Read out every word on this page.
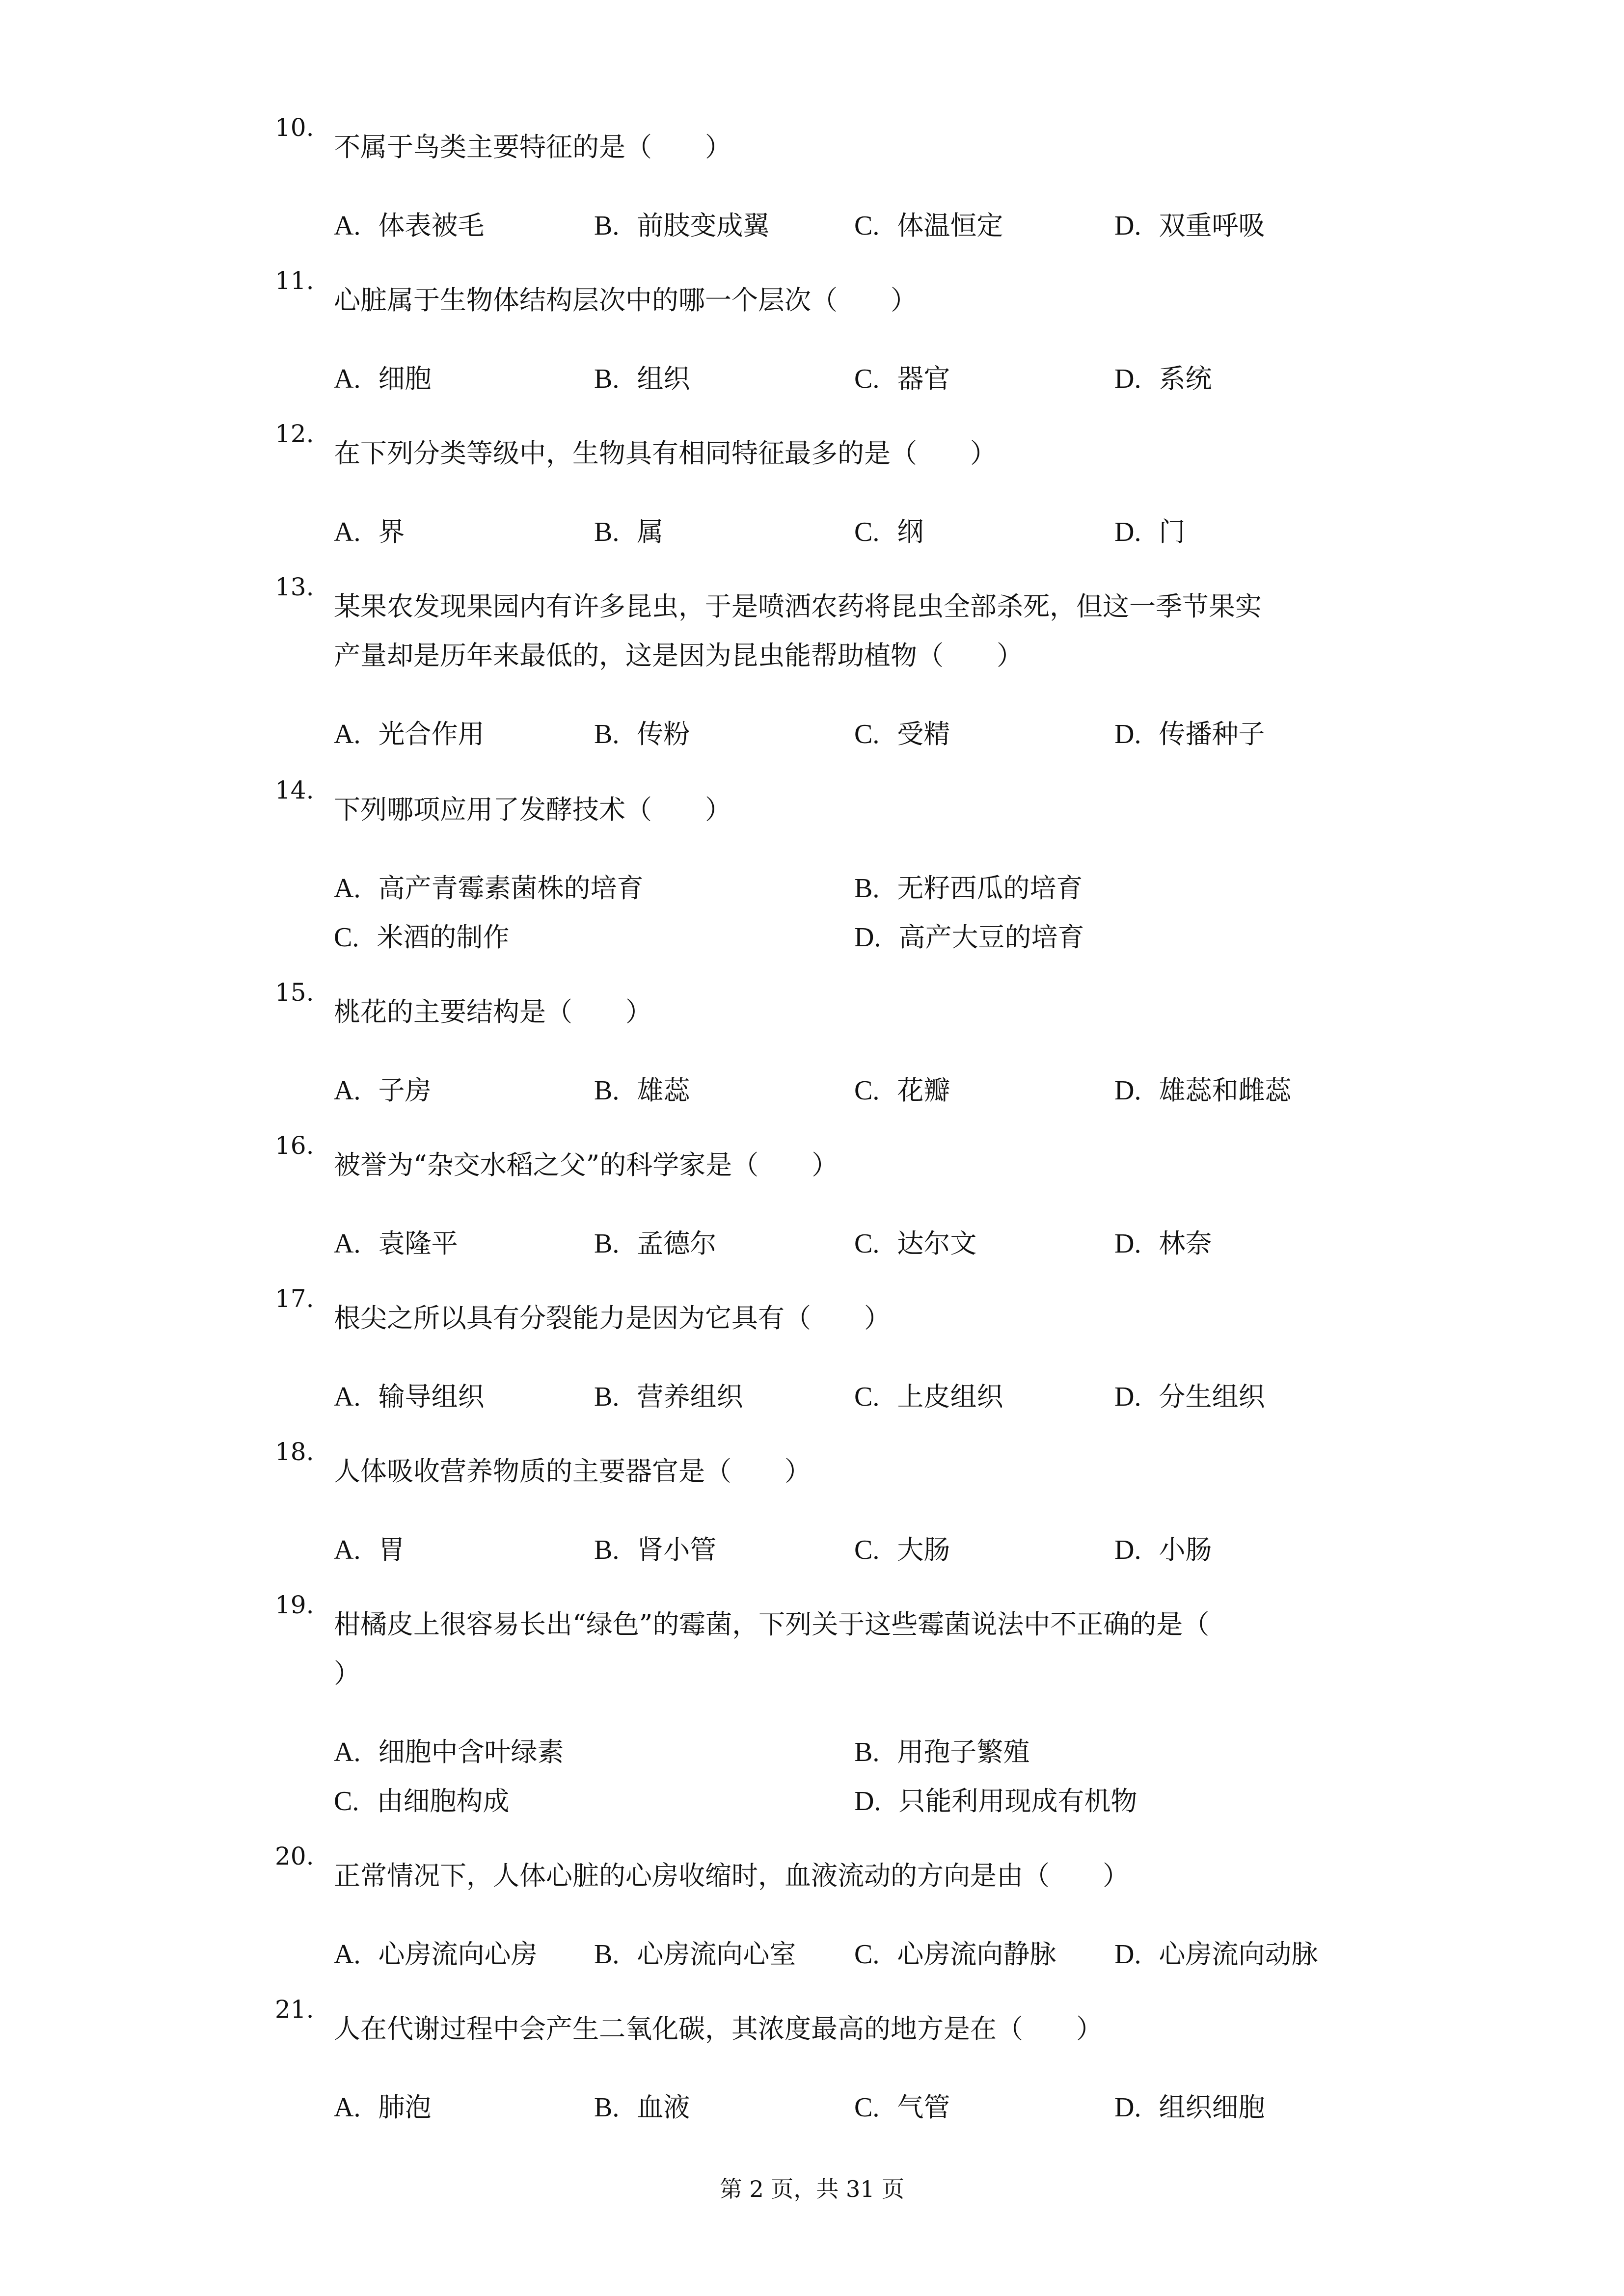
10.
不属于鸟类主要特征的是（　　）
A. 体表被毛	B. 前肢变成翼	C. 体温恒定	D. 双重呼吸
11.
心脏属于生物体结构层次中的哪一个层次（　　）
A. 细胞	B. 组织	C. 器官	D. 系统
12.
在下列分类等级中，生物具有相同特征最多的是（　　）
A. 界	B. 属	C. 纲	D. 门
13.
某果农发现果园内有许多昆虫，于是喷洒农药将昆虫全部杀死，但这一季节果实
产量却是历年来最低的，这是因为昆虫能帮助植物（　　）
A. 光合作用	B. 传粉	C. 受精	D. 传播种子
14.
下列哪项应用了发酵技术（　　）
A. 高产青霉素菌株的培育	B. 无籽西瓜的培育
C. 米酒的制作	D. 高产大豆的培育
15.
桃花的主要结构是（　　）
A. 子房	B. 雄蕊	C. 花瓣	D. 雄蕊和雌蕊
16.
被誉为“杂交水稻之父”的科学家是（　　）
A. 袁隆平	B. 孟德尔	C. 达尔文	D. 林奈
17.
根尖之所以具有分裂能力是因为它具有（　　）
A. 输导组织	B. 营养组织	C. 上皮组织	D. 分生组织
18.
人体吸收营养物质的主要器官是（　　）
A. 胃	B. 肾小管	C. 大肠	D. 小肠
19.
柑橘皮上很容易长出“绿色”的霉菌，下列关于这些霉菌说法中不正确的是（
）
A. 细胞中含叶绿素	B. 用孢子繁殖
C. 由细胞构成	D. 只能利用现成有机物
20.
正常情况下，人体心脏的心房收缩时，血液流动的方向是由（　　）
A. 心房流向心房	B. 心房流向心室	C. 心房流向静脉	D. 心房流向动脉
21.
人在代谢过程中会产生二氧化碳，其浓度最高的地方是在（　　）
A. 肺泡	B. 血液	C. 气管	D. 组织细胞
第 2 页，共 31 页
